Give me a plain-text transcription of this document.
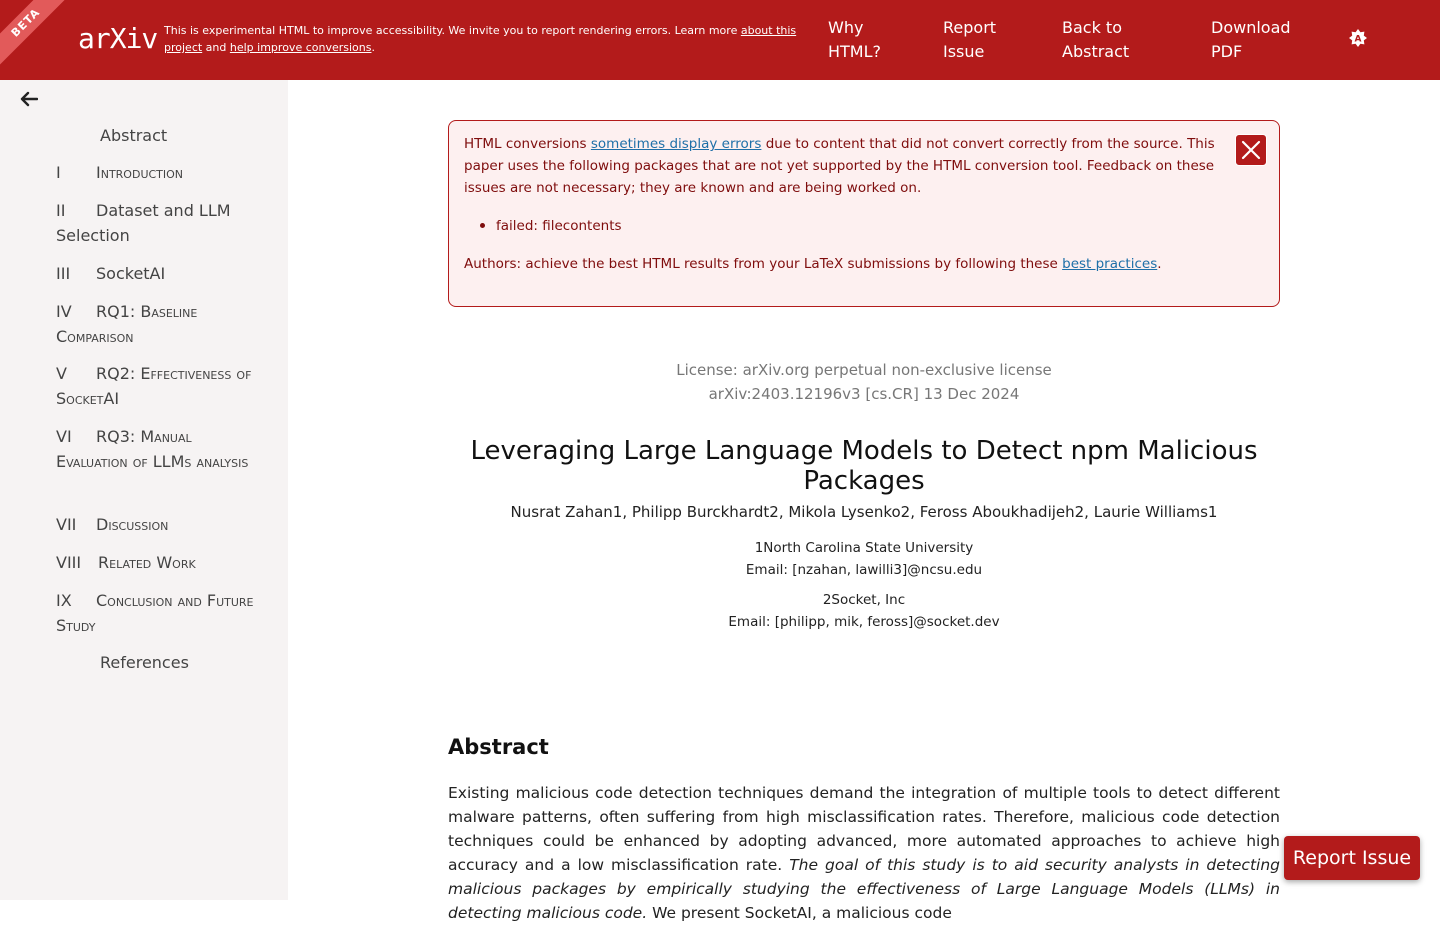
BETA	arXiv This is experimental HTML to improve accessibility. We invite you to report rendering errors. Learn more about this project and help improve conversions.
Why HTML?
Report Issue
Back to Abstract
Download PDF
A
Abstract
I Introduction
II Dataset and LLM Selection
III SocketAI
IV RQ1: Baseline Comparison
V RQ2: Effectiveness of SocketAI
VI RQ3: Manual Evaluation of LLMs analysis
VII Discussion
VIII Related Work
IX Conclusion and Future Study
References
HTML conversions sometimes display errors due to content that did not convert correctly from the source. This paper uses the following packages that are not yet supported by the HTML conversion tool. Feedback on these issues are not necessary; they are known and are being worked on.
failed: filecontents
Authors: achieve the best HTML results from your LaTeX submissions by following these best practices.
License: arXiv.org perpetual non-exclusive license
arXiv:2403.12196v3 [cs.CR] 13 Dec 2024
Leveraging Large Language Models to Detect npm Malicious Packages
Nusrat Zahan1, Philipp Burckhardt2, Mikola Lysenko2, Feross Aboukhadijeh2, Laurie Williams1
1North Carolina State University
Email: [nzahan, lawilli3]@ncsu.edu
2Socket, Inc
Email: [philipp, mik, feross]@socket.dev
Abstract
Existing malicious code detection techniques demand the integration of multiple tools to detect different malware patterns, often suffering from high misclassification rates. Therefore, malicious code detection techniques could be enhanced by adopting advanced, more automated approaches to achieve high accuracy and a low misclassification rate. The goal of this study is to aid security analysts in detecting malicious packages by empirically studying the effectiveness of Large Language Models (LLMs) in detecting malicious code. We present SocketAI, a malicious code
Report Issue
